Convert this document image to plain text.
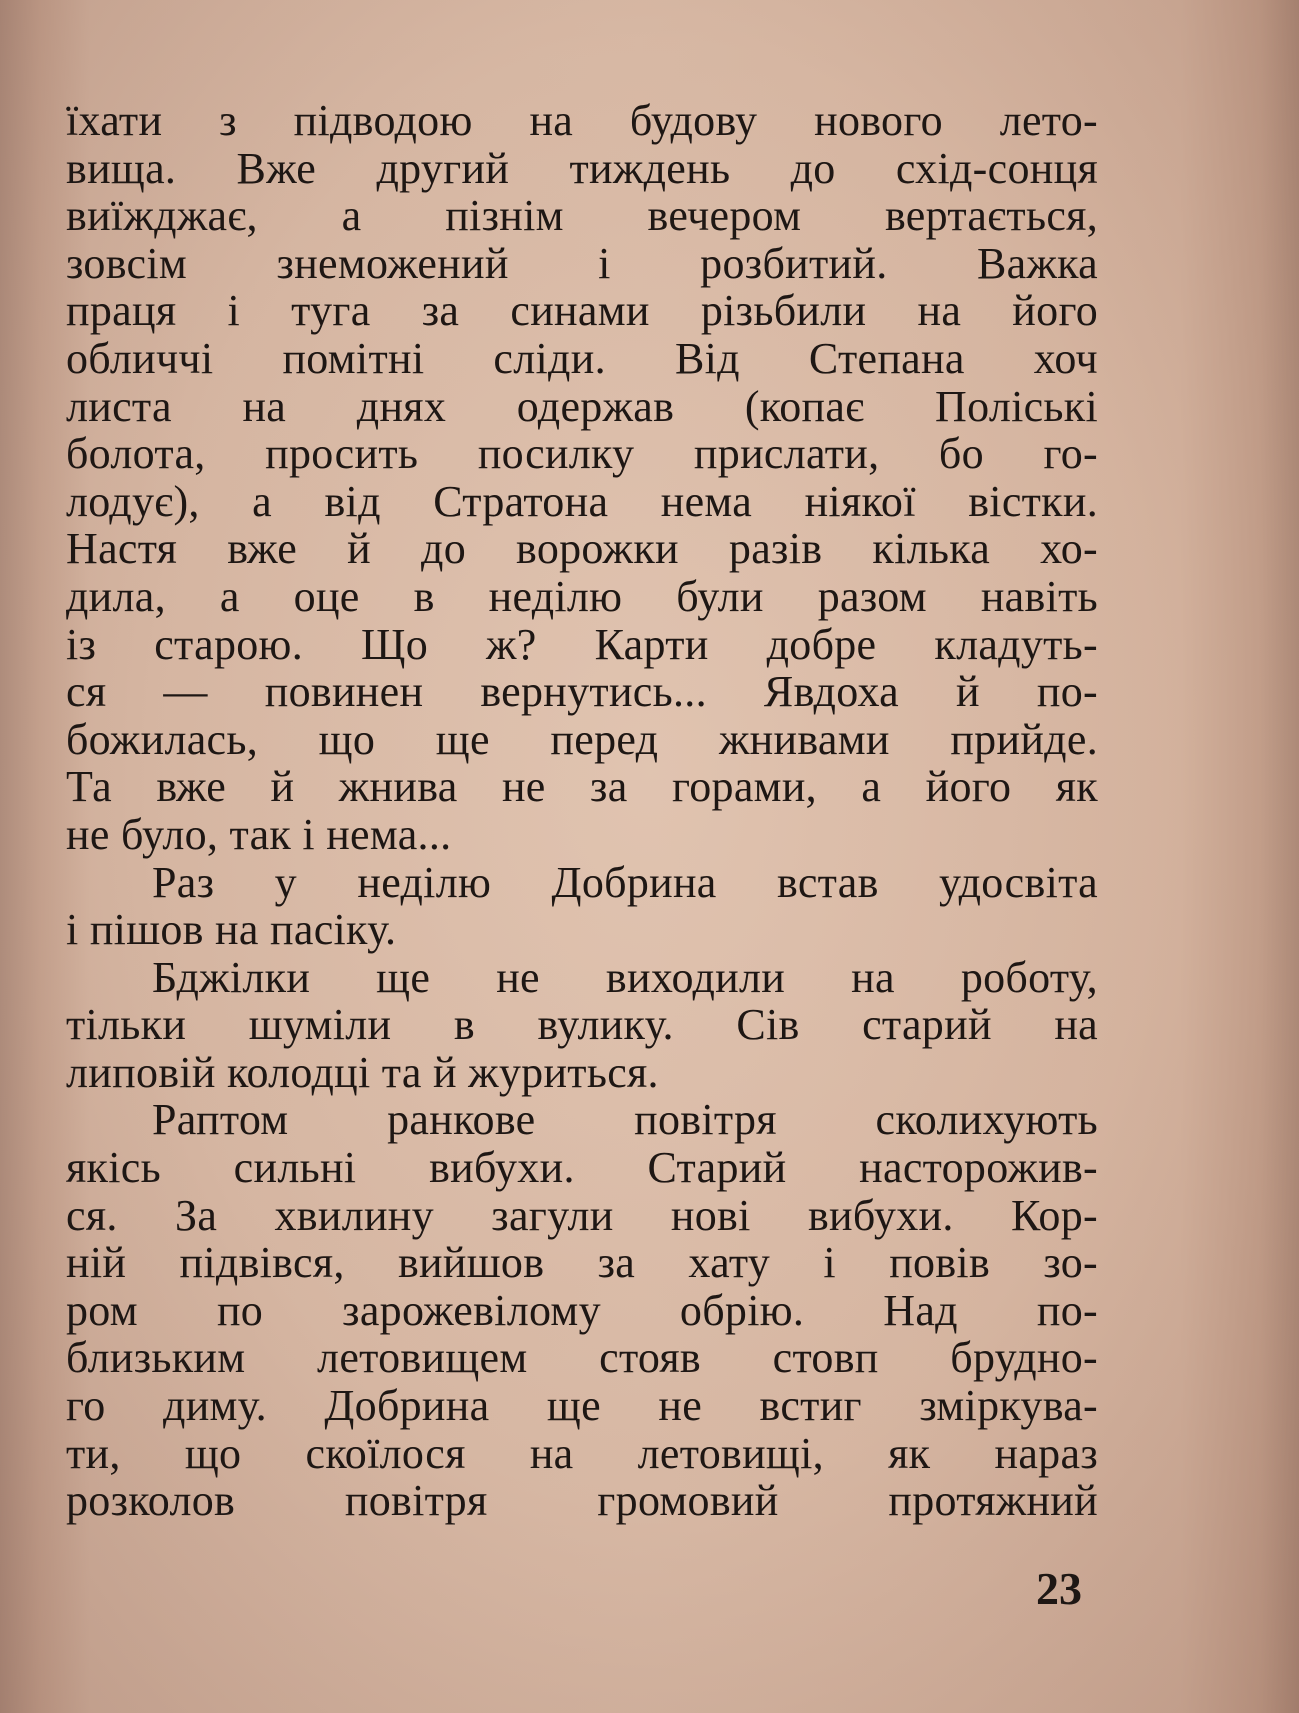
їхати з підводою на будову нового лето-
вища. Вже другий тиждень до схід-сонця
виїжджає, а пізнім вечером вертається,
зовсім знеможений і розбитий. Важка
праця і туга за синами різьбили на його
обличчі помітні сліди. Від Степана хоч
листа на днях одержав (копає Поліські
болота, просить посилку прислати, бо го-
лодує), а від Стратона нема ніякої вістки.
Настя вже й до ворожки разів кілька хо-
дила, а оце в неділю були разом навіть
із старою. Що ж? Карти добре кладуть-
ся — повинен вернутись... Явдоха й по-
божилась, що ще перед жнивами прийде.
Та вже й жнива не за горами, а його як
не було, так і нема...
Раз у неділю Добрина встав удосвіта
і пішов на пасіку.
Бджілки ще не виходили на роботу,
тільки шуміли в вулику. Сів старий на
липовій колодці та й журиться.
Раптом ранкове повітря сколихують
якісь сильні вибухи. Старий насторожив-
ся. За хвилину загули нові вибухи. Кор-
ній підвівся, вийшов за хату і повів зо-
ром по зарожевілому обрію. Над по-
близьким летовищем стояв стовп брудно-
го диму. Добрина ще не встиг зміркува-
ти, що скоїлося на летовищі, як нараз
розколов повітря громовий протяжний
23
